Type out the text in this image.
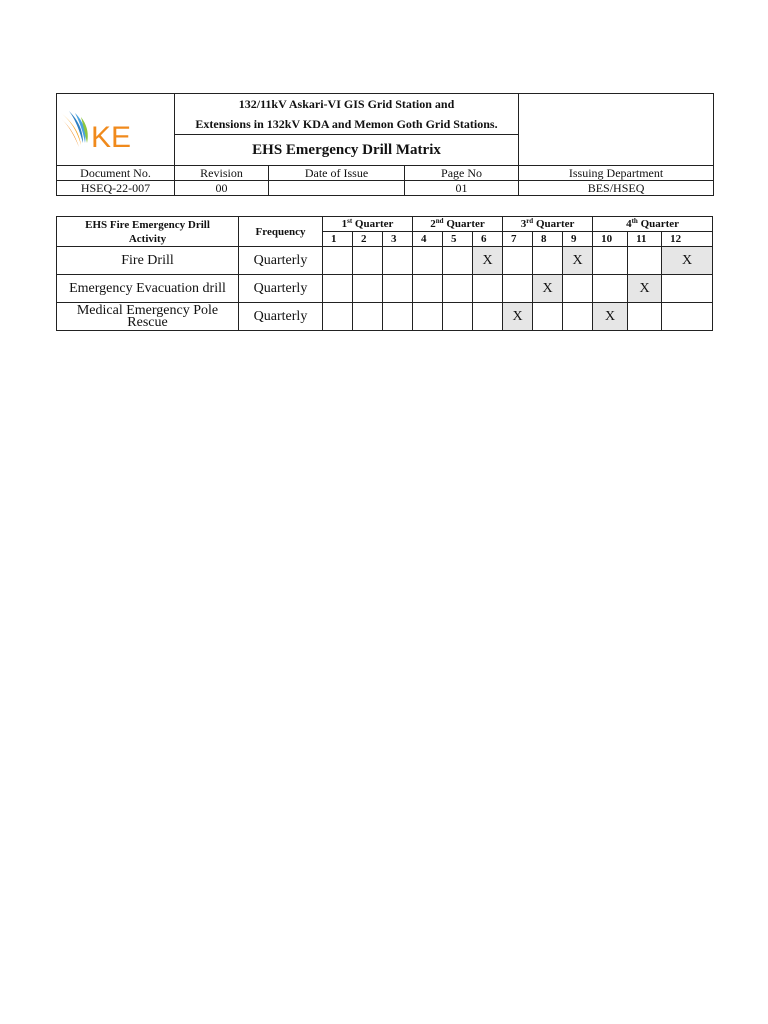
KE	132/11kV Askari-VI GIS Grid Station and
Extensions in 132kV KDA and Memon Goth Grid Stations.			

	EHS Emergency Drill Matrix			
Document No.	Revision	Date of Issue	Page No	Issuing Department
HSEQ-22-007	00		01	BES/HSEQ
EHS Fire Emergency Drill Activity	Frequency	1st Quarter			2nd Quarter			3rd Quarter			4th Quarter		
		1	2	3	4	5	6	7	8	9	10	11	12
Fire Drill	Quarterly						X			X			X
Emergency Evacuation drill	Quarterly								X			X	
Medical Emergency Pole Rescue	Quarterly							X			X		
